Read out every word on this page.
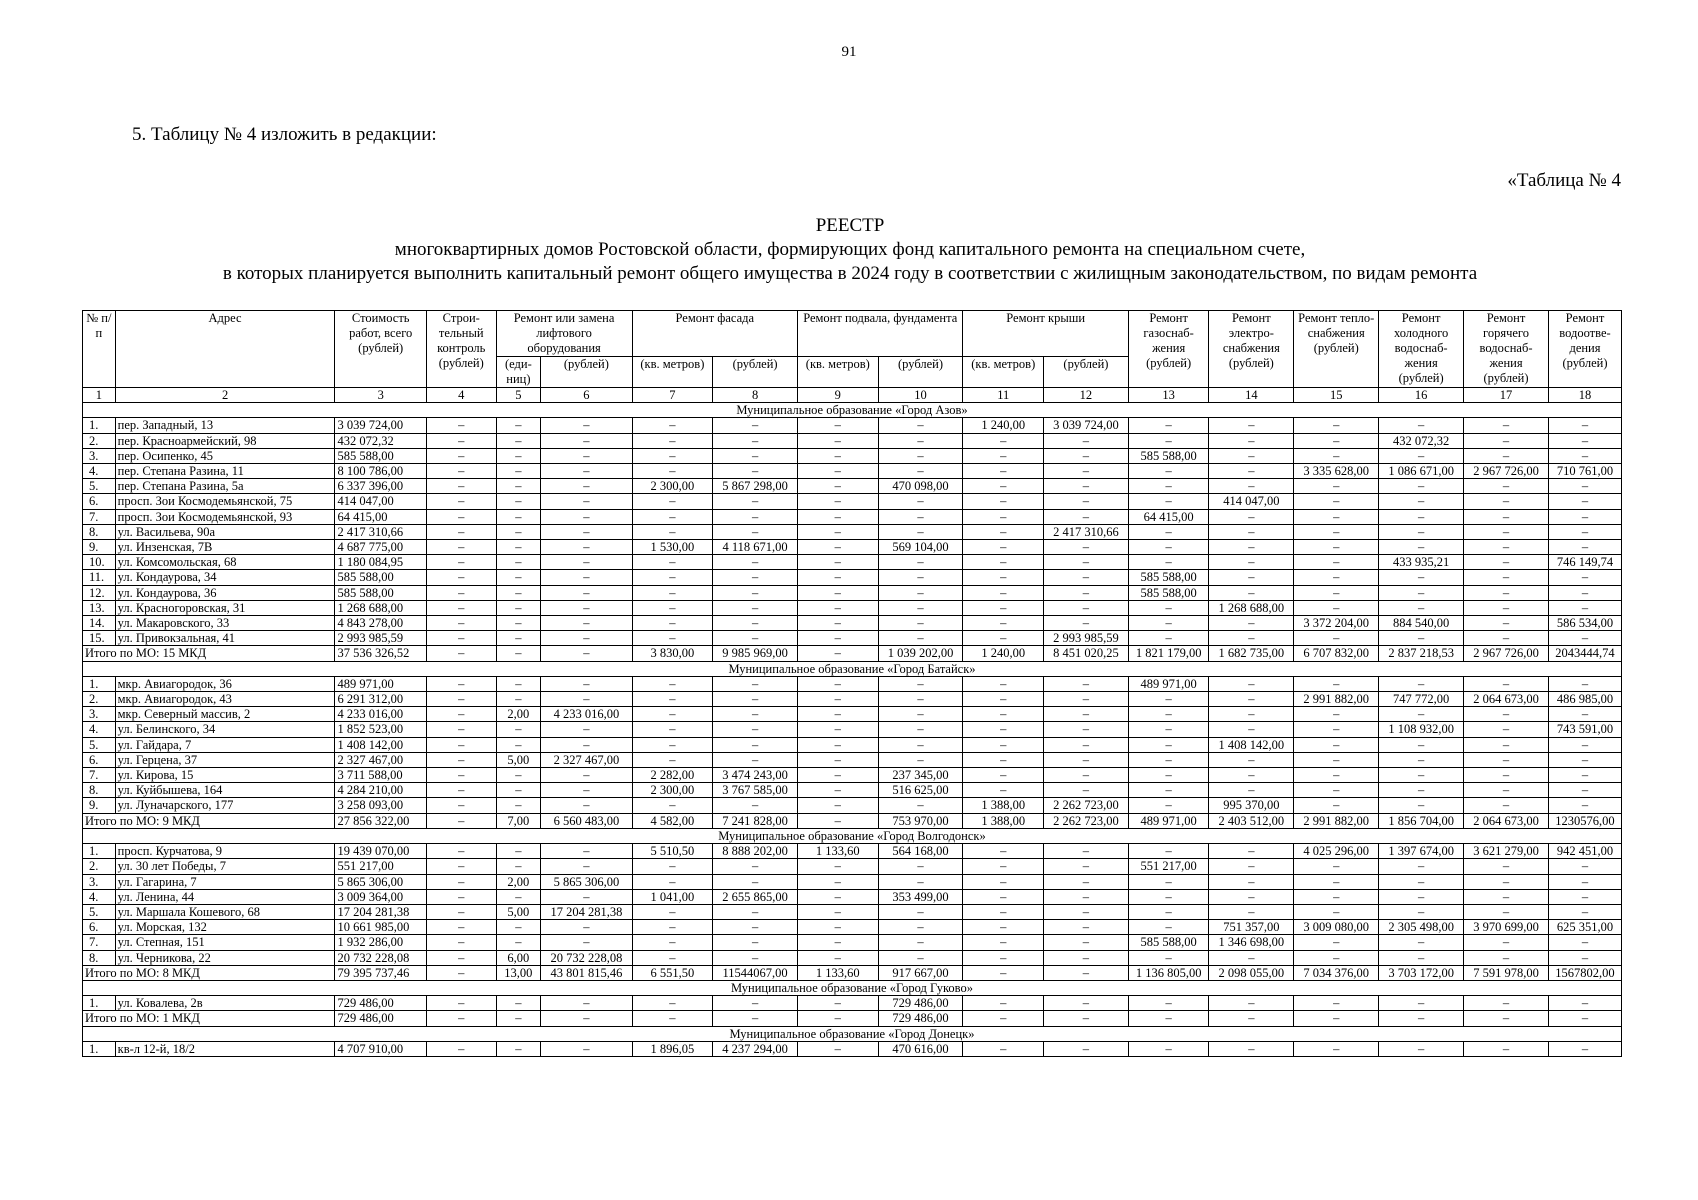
91
5. Таблицу № 4 изложить в редакции:
«Таблица № 4
РЕЕСТР
многоквартирных домов Ростовской области, формирующих фонд капитального ремонта на специальном счете,
в которых планируется выполнить капитальный ремонт общего имущества в 2024 году в соответствии с жилищным законодательством, по видам ремонта
№ п/п	Адрес	Стоимость работ, всего (рублей)	Строи-тельный контроль (рублей)	Ремонт или замена лифтового оборудования		Ремонт фасада		Ремонт подвала, фундамента		Ремонт крыши		Ремонт газоснаб-жения (рублей)	Ремонт электро-снабжения (рублей)	Ремонт тепло-снабжения (рублей)	Ремонт холодного водоснаб-жения (рублей)	Ремонт горячего водоснаб-жения (рублей)	Ремонт водоотве-дения (рублей)
				(еди-ниц)	(рублей)	(кв. метров)	(рублей)	(кв. метров)	(рублей)	(кв. метров)	(рублей)						
1	2	3	4	5	6	7	8	9	10	11	12	13	14	15	16	17	18
Муниципальное образование «Город Азов»																	
1.	пер. Западный, 13	3 039 724,00	–	–	–	–	–	–	–	1 240,00	3 039 724,00	–	–	–	–	–	–
2.	пер. Красноармейский, 98	432 072,32	–	–	–	–	–	–	–	–	–	–	–	–	432 072,32	–	–
3.	пер. Осипенко, 45	585 588,00	–	–	–	–	–	–	–	–	–	585 588,00	–	–	–	–	–
4.	пер. Степана Разина, 11	8 100 786,00	–	–	–	–	–	–	–	–	–	–	–	3 335 628,00	1 086 671,00	2 967 726,00	710 761,00
5.	пер. Степана Разина, 5а	6 337 396,00	–	–	–	2 300,00	5 867 298,00	–	470 098,00	–	–	–	–	–	–	–	–
6.	просп. Зои Космодемьянской, 75	414 047,00	–	–	–	–	–	–	–	–	–	–	414 047,00	–	–	–	–
7.	просп. Зои Космодемьянской, 93	64 415,00	–	–	–	–	–	–	–	–	–	64 415,00	–	–	–	–	–
8.	ул. Васильева, 90а	2 417 310,66	–	–	–	–	–	–	–	–	2 417 310,66	–	–	–	–	–	–
9.	ул. Инзенская, 7В	4 687 775,00	–	–	–	1 530,00	4 118 671,00	–	569 104,00	–	–	–	–	–	–	–	–
10.	ул. Комсомольская, 68	1 180 084,95	–	–	–	–	–	–	–	–	–	–	–	–	433 935,21	–	746 149,74
11.	ул. Кондаурова, 34	585 588,00	–	–	–	–	–	–	–	–	–	585 588,00	–	–	–	–	–
12.	ул. Кондаурова, 36	585 588,00	–	–	–	–	–	–	–	–	–	585 588,00	–	–	–	–	–
13.	ул. Красногоровская, 31	1 268 688,00	–	–	–	–	–	–	–	–	–	–	1 268 688,00	–	–	–	–
14.	ул. Макаровского, 33	4 843 278,00	–	–	–	–	–	–	–	–	–	–	–	3 372 204,00	884 540,00	–	586 534,00
15.	ул. Привокзальная, 41	2 993 985,59	–	–	–	–	–	–	–	–	2 993 985,59	–	–	–	–	–	–
Итого по МО: 15 МКД		37 536 326,52	–	–	–	3 830,00	9 985 969,00	–	1 039 202,00	1 240,00	8 451 020,25	1 821 179,00	1 682 735,00	6 707 832,00	2 837 218,53	2 967 726,00	2043444,74
Муниципальное образование «Город Батайск»																	
1.	мкр. Авиагородок, 36	489 971,00	–	–	–	–	–	–	–	–	–	489 971,00	–	–	–	–	–
2.	мкр. Авиагородок, 43	6 291 312,00	–	–	–	–	–	–	–	–	–	–	–	2 991 882,00	747 772,00	2 064 673,00	486 985,00
3.	мкр. Северный массив, 2	4 233 016,00	–	2,00	4 233 016,00	–	–	–	–	–	–	–	–	–	–	–	–
4.	ул. Белинского, 34	1 852 523,00	–	–	–	–	–	–	–	–	–	–	–	–	1 108 932,00	–	743 591,00
5.	ул. Гайдара, 7	1 408 142,00	–	–	–	–	–	–	–	–	–	–	1 408 142,00	–	–	–	–
6.	ул. Герцена, 37	2 327 467,00	–	5,00	2 327 467,00	–	–	–	–	–	–	–	–	–	–	–	–
7.	ул. Кирова, 15	3 711 588,00	–	–	–	2 282,00	3 474 243,00	–	237 345,00	–	–	–	–	–	–	–	–
8.	ул. Куйбышева, 164	4 284 210,00	–	–	–	2 300,00	3 767 585,00	–	516 625,00	–	–	–	–	–	–	–	–
9.	ул. Луначарского, 177	3 258 093,00	–	–	–	–	–	–	–	1 388,00	2 262 723,00	–	995 370,00	–	–	–	–
Итого по МО: 9 МКД		27 856 322,00	–	7,00	6 560 483,00	4 582,00	7 241 828,00	–	753 970,00	1 388,00	2 262 723,00	489 971,00	2 403 512,00	2 991 882,00	1 856 704,00	2 064 673,00	1230576,00
Муниципальное образование «Город Волгодонск»																	
1.	просп. Курчатова, 9	19 439 070,00	–	–	–	5 510,50	8 888 202,00	1 133,60	564 168,00	–	–	–	–	4 025 296,00	1 397 674,00	3 621 279,00	942 451,00
2.	ул. 30 лет Победы, 7	551 217,00	–	–	–	–	–	–	–	–	–	551 217,00	–	–	–	–	–
3.	ул. Гагарина, 7	5 865 306,00	–	2,00	5 865 306,00	–	–	–	–	–	–	–	–	–	–	–	–
4.	ул. Ленина, 44	3 009 364,00	–	–	–	1 041,00	2 655 865,00	–	353 499,00	–	–	–	–	–	–	–	–
5.	ул. Маршала Кошевого, 68	17 204 281,38	–	5,00	17 204 281,38	–	–	–	–	–	–	–	–	–	–	–	–
6.	ул. Морская, 132	10 661 985,00	–	–	–	–	–	–	–	–	–	–	751 357,00	3 009 080,00	2 305 498,00	3 970 699,00	625 351,00
7.	ул. Степная, 151	1 932 286,00	–	–	–	–	–	–	–	–	–	585 588,00	1 346 698,00	–	–	–	–
8.	ул. Черникова, 22	20 732 228,08	–	6,00	20 732 228,08	–	–	–	–	–	–	–	–	–	–	–	–
Итого по МО: 8 МКД		79 395 737,46	–	13,00	43 801 815,46	6 551,50	11544067,00	1 133,60	917 667,00	–	–	1 136 805,00	2 098 055,00	7 034 376,00	3 703 172,00	7 591 978,00	1567802,00
Муниципальное образование «Город Гуково»																	
1.	ул. Ковалева, 2в	729 486,00	–	–	–	–	–	–	729 486,00	–	–	–	–	–	–	–	–
Итого по МО: 1 МКД		729 486,00	–	–	–	–	–	–	729 486,00	–	–	–	–	–	–	–	–
Муниципальное образование «Город Донецк»																	
1.	кв-л 12-й, 18/2	4 707 910,00	–	–	–	1 896,05	4 237 294,00	–	470 616,00	–	–	–	–	–	–	–	–
